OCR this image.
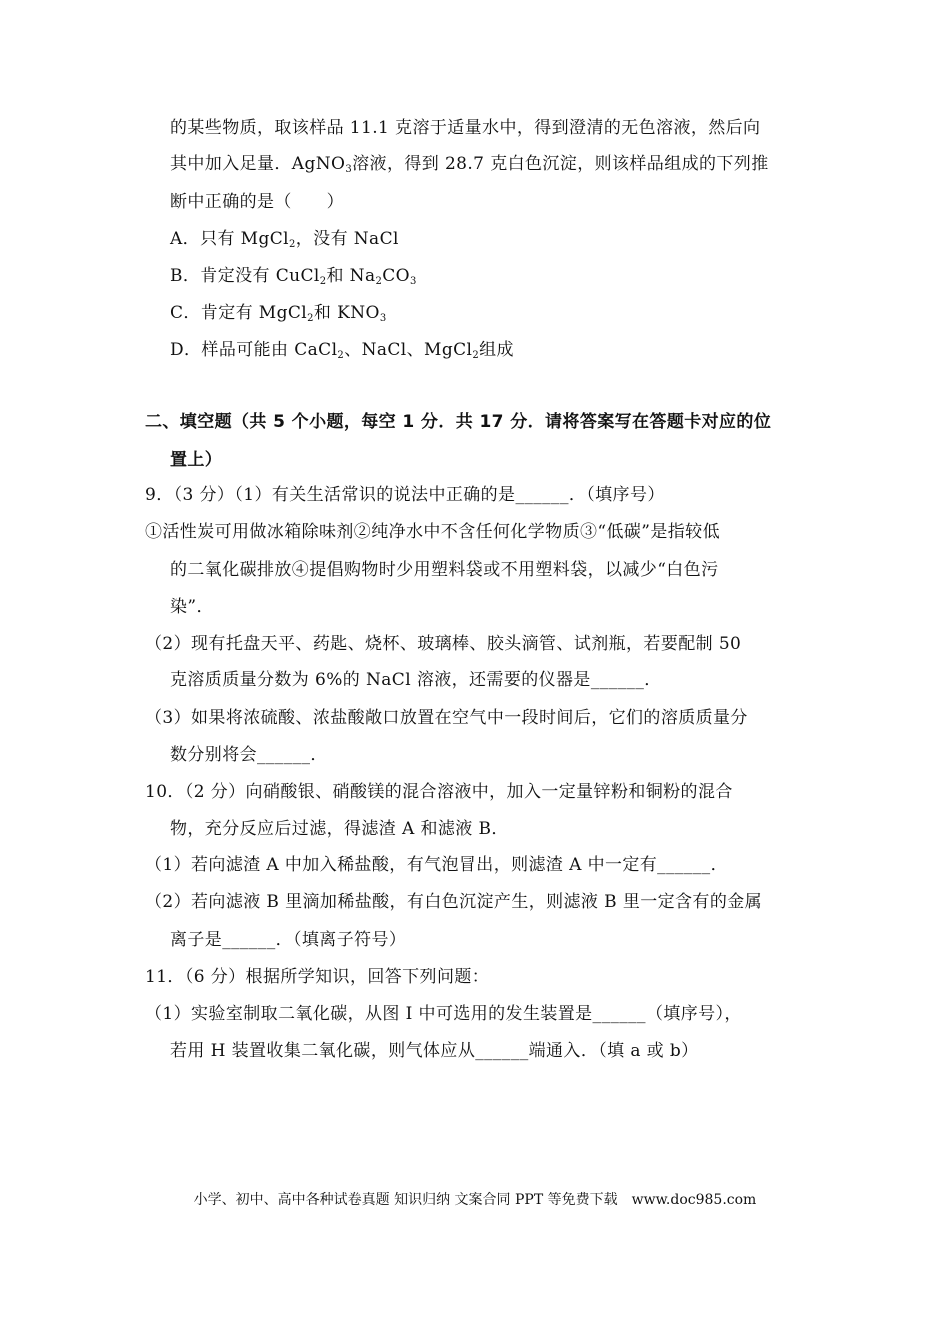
的某些物质，取该样品 11.1 克溶于适量水中，得到澄清的无色溶液，然后向
其中加入足量．AgNO$_3$溶液，得到 28.7 克白色沉淀，则该样品组成的下列推
断中正确的是（　　）
A．只有 MgCl$_2$，没有 NaCl
B．肯定没有 CuCl$_2$和 $Na_2CO_3$
C．肯定有 MgCl$_2$和 $KNO_3$
D．样品可能由 CaCl$_2$、NaCl、MgCl$_2$组成
二、填空题（共 5 个小题，每空 1 分．共 17 分．请将答案写在答题卡对应的位
置上）
9．（3 分）（1）有关生活常识的说法中正确的是______．（填序号）
①活性炭可用做冰箱除味剂②纯净水中不含任何化学物质③“低碳”是指较低
的二氧化碳排放④提倡购物时少用塑料袋或不用塑料袋，以减少“白色污
染”．
（2）现有托盘天平、药匙、烧杯、玻璃棒、胶头滴管、试剂瓶，若要配制 50
克溶质质量分数为 6%的 NaCl 溶液，还需要的仪器是______．
（3）如果将浓硫酸、浓盐酸敞口放置在空气中一段时间后，它们的溶质质量分
数分别将会______．
10．（2 分）向硝酸银、硝酸镁的混合溶液中，加入一定量锌粉和铜粉的混合
物，充分反应后过滤，得滤渣 A 和滤液 B．
（1）若向滤渣 A 中加入稀盐酸，有气泡冒出，则滤渣 A 中一定有______．
（2）若向滤液 B 里滴加稀盐酸，有白色沉淀产生，则滤液 B 里一定含有的金属
离子是______．（填离子符号）
11．（6 分）根据所学知识，回答下列问题：
（1）实验室制取二氧化碳，从图 I 中可选用的发生装置是______（填序号），
若用 H 装置收集二氧化碳，则气体应从______端通入．（填 a 或 b）
小学、初中、高中各种试卷真题 知识归纳 文案合同 PPT 等免费下载　www.doc985.com
